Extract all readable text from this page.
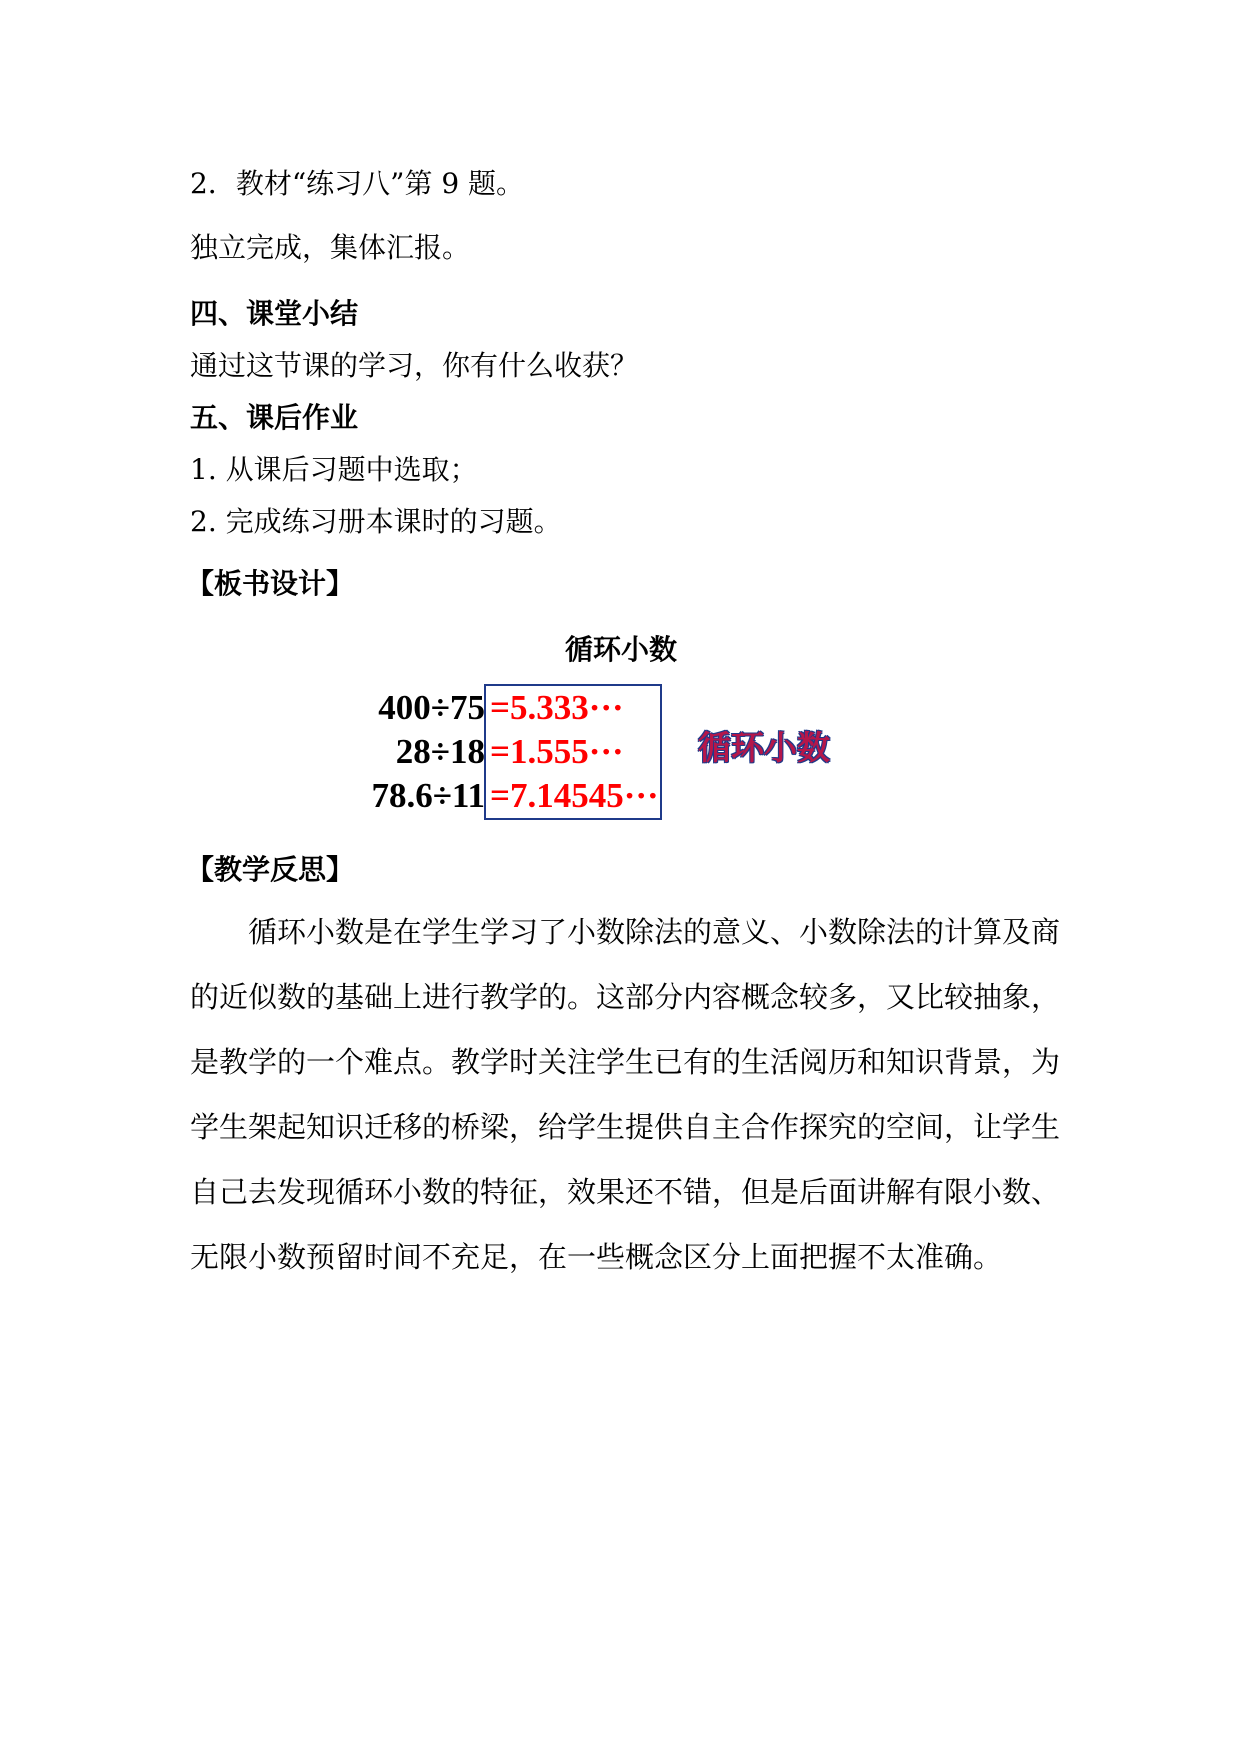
2．教材“练习八”第 9 题。
独立完成，集体汇报。
四、课堂小结
通过这节课的学习，你有什么收获？
五、课后作业
1. 从课后习题中选取；
2. 完成练习册本课时的习题。
【板书设计】
循环小数
400÷75 =5.333···
28÷18 =1.555···
78.6÷11 =7.14545···
循环小数
【教学反思】
循环小数是在学生学习了小数除法的意义、小数除法的计算及商的近似数的基础上进行教学的。这部分内容概念较多，又比较抽象，是教学的一个难点。教学时关注学生已有的生活阅历和知识背景，为学生架起知识迁移的桥梁，给学生提供自主合作探究的空间，让学生自己去发现循环小数的特征，效果还不错，但是后面讲解有限小数、无限小数预留时间不充足，在一些概念区分上面把握不太准确。
